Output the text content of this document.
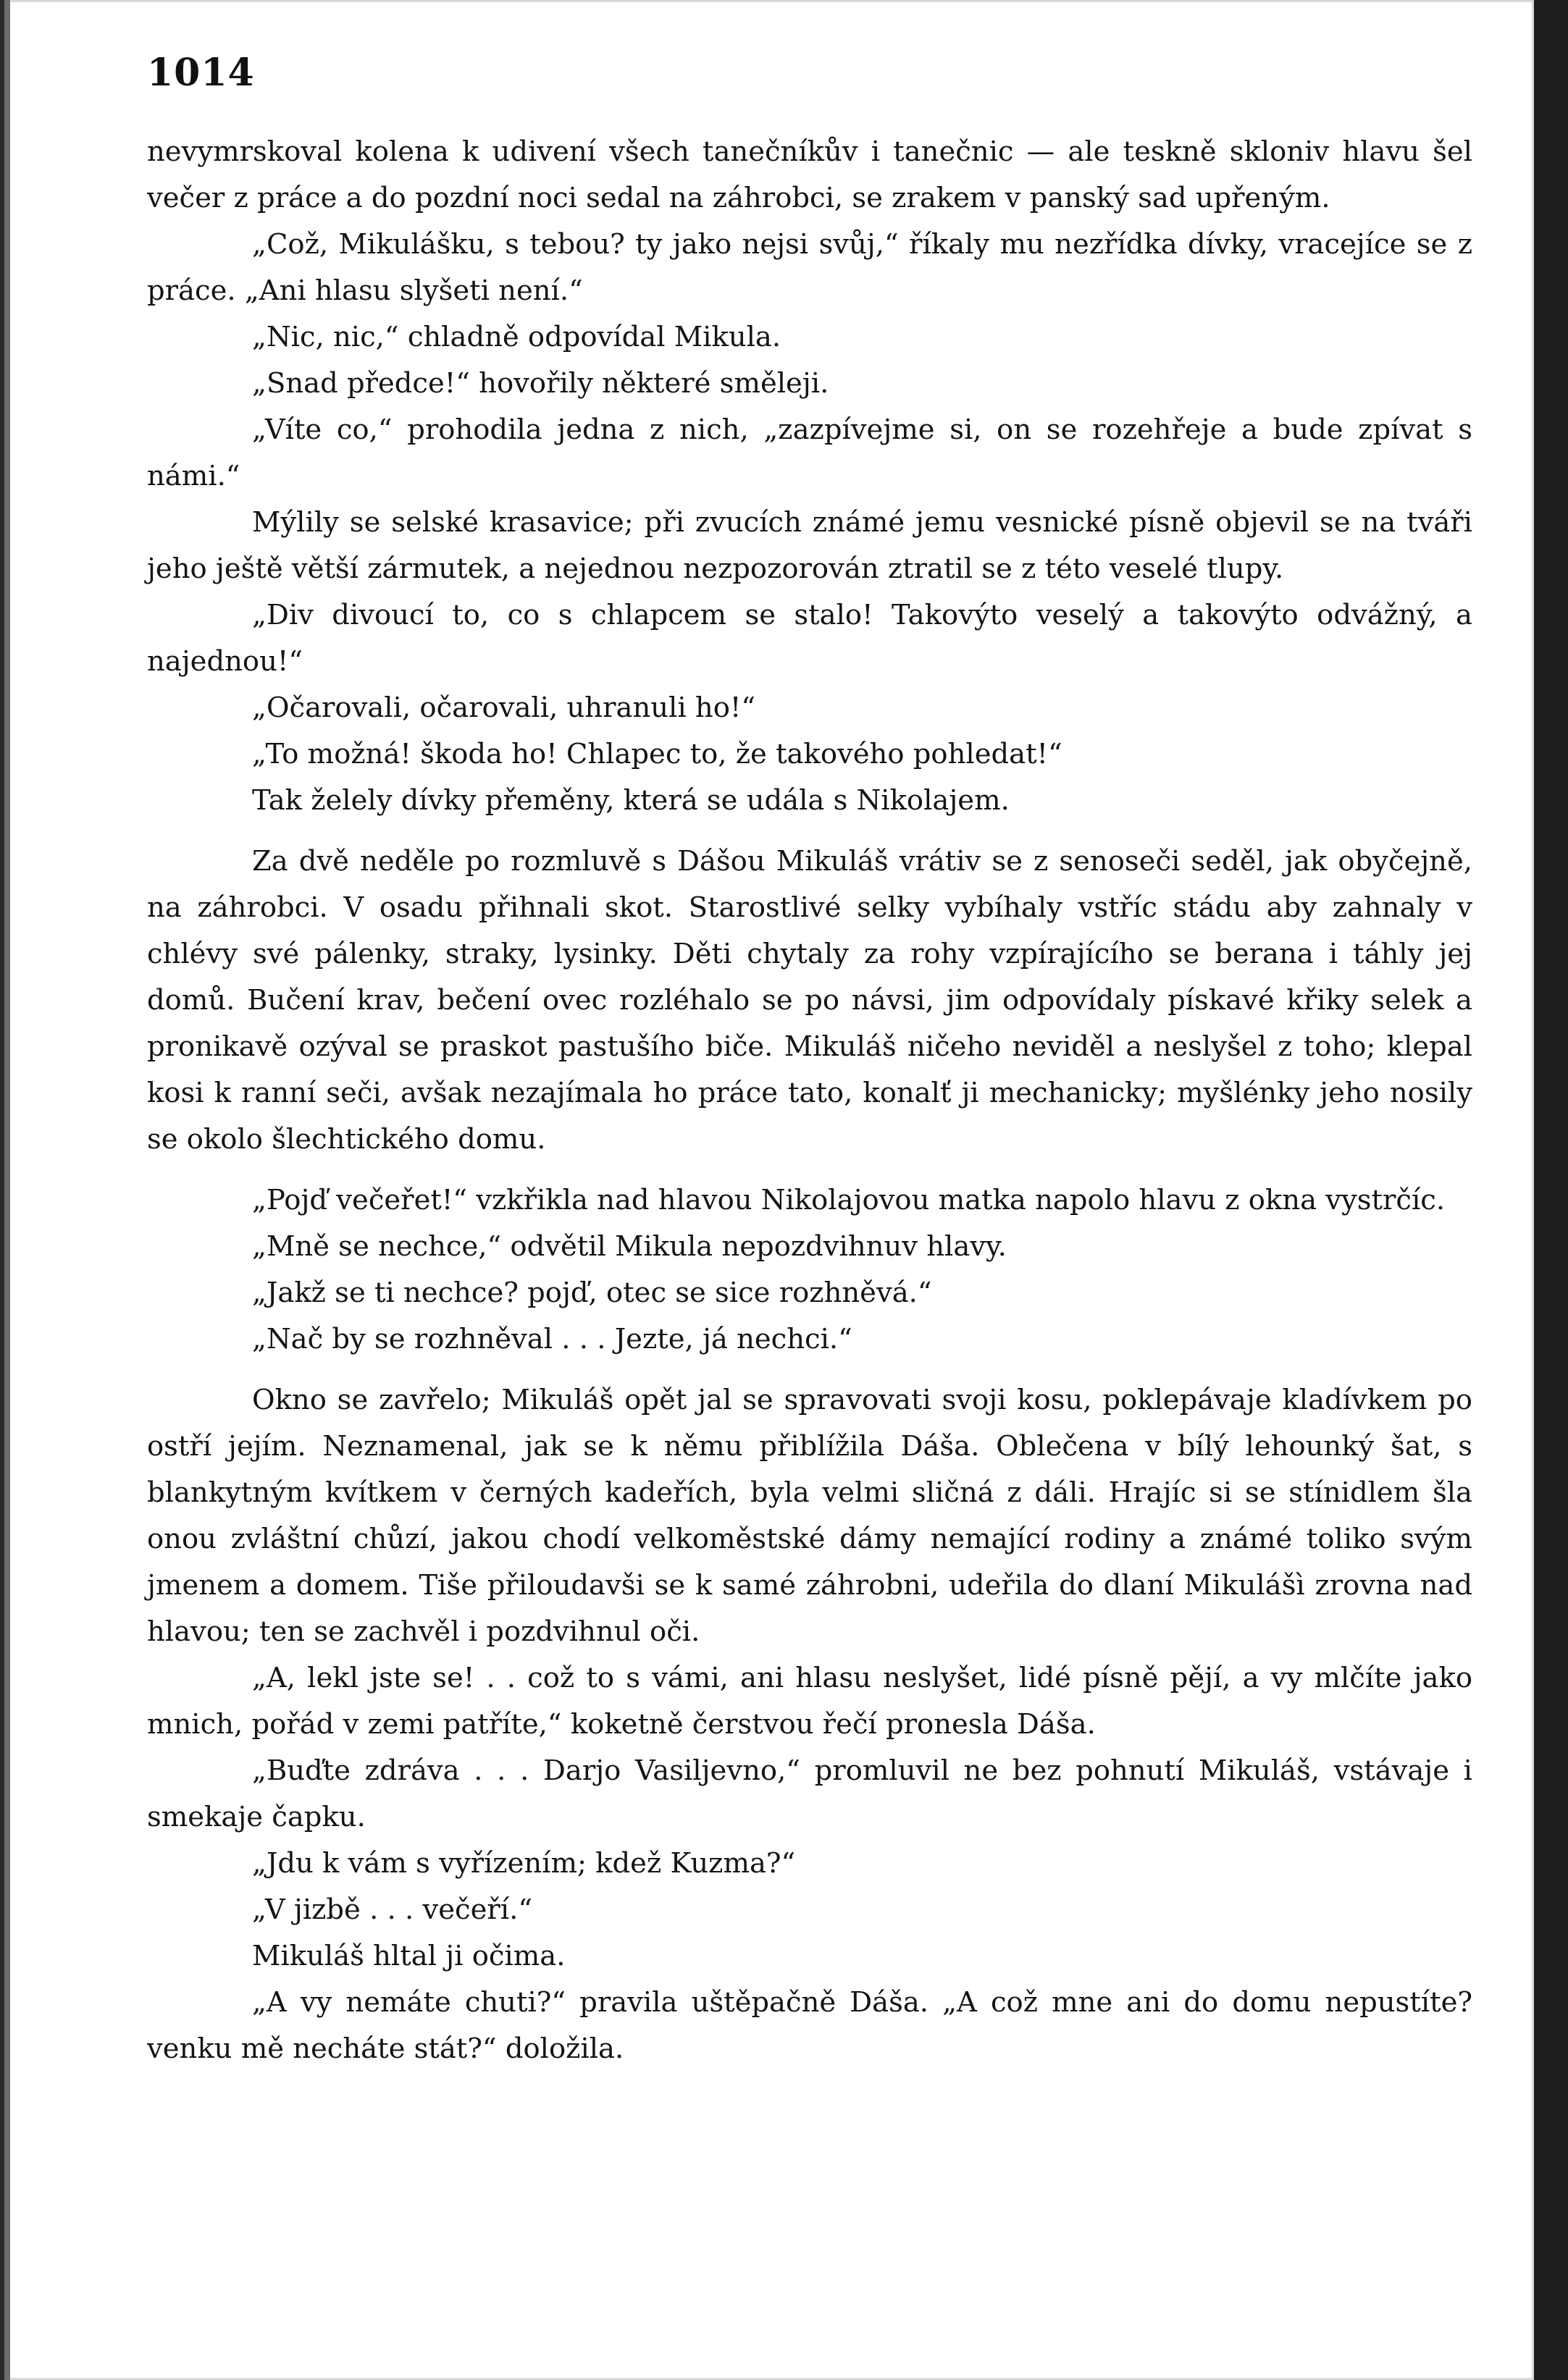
1014

nevymrskoval kolena k udivení všech tanečníkův i tanečnic — ale teskně skloniv hlavu šel večer z práce a do pozdní noci sedal na záhrobci, se zrakem v panský sad upřeným.

„Což, Mikulášku, s tebou? ty jako nejsi svůj,“ říkaly mu nezřídka dívky, vracejíce se z práce. „Ani hlasu slyšeti není.“

„Nic, nic,“ chladně odpovídal Mikula.

„Snad předce!“ hovořily některé směleji.

„Víte co,“ prohodila jedna z nich, „zazpívejme si, on se rozehřeje a bude zpívat s námi.“

Mýlily se selské krasavice; při zvucích známé jemu vesnické písně objevil se na tváři jeho ještě větší zármutek, a nejednou nezpozorován ztratil se z této veselé tlupy.

„Div divoucí to, co s chlapcem se stalo! Takovýto veselý a takovýto odvážný, a najednou!“

„Očarovali, očarovali, uhranuli ho!“

„To možná! škoda ho! Chlapec to, že takového pohledat!“

Tak želely dívky přeměny, která se udála s Nikolajem.

Za dvě neděle po rozmluvě s Dášou Mikuláš vrátiv se z senoseči seděl, jak obyčejně, na záhrobci. V osadu přihnali skot. Starostlivé selky vybíhaly vstříc stádu aby zahnaly v chlévy své pálenky, straky, lysinky. Děti chytaly za rohy vzpírajícího se berana i táhly jej domů. Bučení krav, bečení ovec rozléhalo se po návsi, jim odpovídaly pískavé křiky selek a pronikavě ozýval se praskot pastušího biče. Mikuláš ničeho neviděl a neslyšel z toho; klepal kosi k ranní seči, avšak nezajímala ho práce tato, konalť ji mechanicky; myšlénky jeho nosily se okolo šlechtického domu.

„Pojď večeřet!“ vzkřikla nad hlavou Nikolajovou matka napolo hlavu z okna vystrčíc.

„Mně se nechce,“ odvětil Mikula nepozdvihnuv hlavy.

„Jakž se ti nechce? pojď, otec se sice rozhněvá.“

„Nač by se rozhněval . . . Jezte, já nechci.“

Okno se zavřelo; Mikuláš opět jal se spravovati svoji kosu, poklepávaje kladívkem po ostří jejím. Neznamenal, jak se k němu přiblížila Dáša. Oblečena v bílý lehounký šat, s blankytným kvítkem v černých kadeřích, byla velmi sličná z dáli. Hrajíc si se stínidlem šla onou zvláštní chůzí, jakou chodí velkoměstské dámy nemající rodiny a známé toliko svým jmenem a domem. Tiše přiloudavši se k samé záhrobni, udeřila do dlaní Mikulášì zrovna nad hlavou; ten se zachvěl i pozdvihnul oči.

„A, lekl jste se! . . což to s vámi, ani hlasu neslyšet, lidé písně pějí, a vy mlčíte jako mnich, pořád v zemi patříte,“ koketně čerstvou řečí pronesla Dáša.

„Buďte zdráva . . . Darjo Vasiljevno,“ promluvil ne bez pohnutí Mikuláš, vstávaje i smekaje čapku.

„Jdu k vám s vyřízením; kdež Kuzma?“

„V jizbě . . . večeří.“

Mikuláš hltal ji očima.

„A vy nemáte chuti?“ pravila uštěpačně Dáša. „A což mne ani do domu nepustíte? venku mě necháte stát?“ doložila.
